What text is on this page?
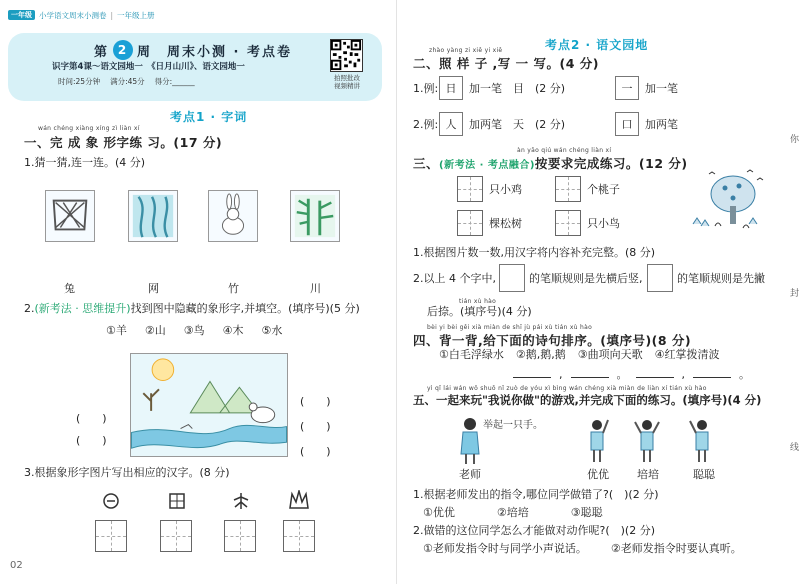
一年级 小学语文周末小测卷 | 一年级上册
第 2 周　周末小测 · 考点卷
识字第4课～语文园地一　《日月山川》、语文园地一
时间:25分钟 满分:45分 得分:______	拍照批改
视频精讲
考点1 · 字词
wán chéng xiàng xíng zì liàn xí
一、完 成 象 形字练 习。(17 分)
1.猜一猜,连一连。(4 分)
兔	网	竹	川
2.(新考法 · 思维提升)找到图中隐藏的象形字,并填空。(填序号)(5 分)
①羊 ②山 ③鸟 ④木 ⑤水
(　　)
(　　)
(　　)
(　　)
(　　)
3.根据象形字图片写出相应的汉字。(8 分)
02
考点2 · 语文园地
zhào yàng zi xiě yi xiě
二、照 样 子 ,写 一 写。(4 分)
1.例: 日	加一笔　目　(2 分)	一	加一笔
2.例: 人	加两笔　天　(2 分)	口	加两笔
àn yāo qiú wán chéng liàn xí
三、(新考法 · 考点融合)按要求完成练习。(12 分)
只小鸡	个桃子
棵松树	只小鸟
1.根据图片数一数,用汉字将内容补充完整。(8 分)
2.以上 4 个字中,	的笔顺规则是先横后竖,	的笔顺规则是先撇
tián xù hào
后捺。(填序号)(4 分)
bèi yi bèi gěi xià miàn de shī jù pái xù tián xù hào
四、背一背,给下面的诗句排序。(填序号)(8 分)
①白毛浮绿水 ②鹅,鹅,鹅 ③曲项向天歌 ④红掌拨清波
,	。	,	。
yì qǐ lái wán wǒ shuō nǐ zuò de yóu xì bìng wán chéng xià miàn de liàn xí tián xù hào
五、一起来玩"我说你做"的游戏,并完成下面的练习。(填序号)(4 分)
举起一只手。
老师	优优	培培	聪聪
1.根据老师发出的指令,哪位同学做错了?(　)(2 分)
①优优	②培培	③聪聪
2.做错的这位同学怎么才能做对动作呢?(　)(2 分)
①老师发指令时与同学小声说话。 ②老师发指令时要认真听。
你
封
线
